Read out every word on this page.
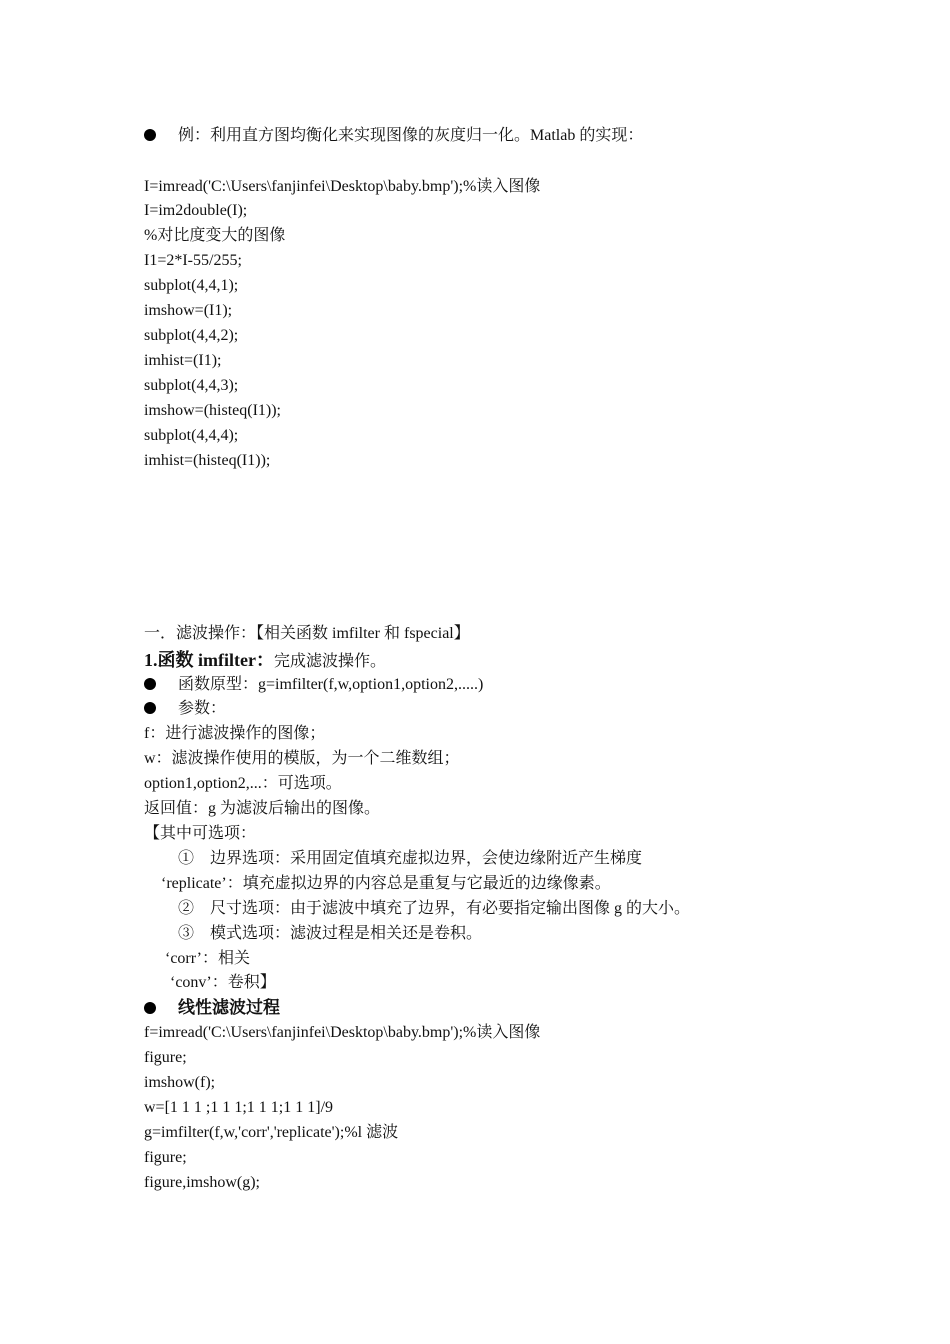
例：利用直方图均衡化来实现图像的灰度归一化。Matlab 的实现：
I=imread('C:\Users\fanjinfei\Desktop\baby.bmp');%读入图像
I=im2double(I);
%对比度变大的图像
I1=2*I-55/255;
subplot(4,4,1);
imshow=(I1);
subplot(4,4,2);
imhist=(I1);
subplot(4,4,3);
imshow=(histeq(I1));
subplot(4,4,4);
imhist=(histeq(I1));
一．滤波操作：【相关函数 imfilter 和 fspecial】
1.函数 imfilter：完成滤波操作。
函数原型：g=imfilter(f,w,option1,option2,.....)
参数：
f：进行滤波操作的图像；
w：滤波操作使用的模版，为一个二维数组；
option1,option2,...：可选项。
返回值：g 为滤波后输出的图像。
【其中可选项：
①　边界选项：采用固定值填充虚拟边界，会使边缘附近产生梯度
‘replicate’：填充虚拟边界的内容总是重复与它最近的边缘像素。
②　尺寸选项：由于滤波中填充了边界，有必要指定输出图像 g 的大小。
③　模式选项：滤波过程是相关还是卷积。
‘corr’：相关
‘conv’：卷积】
线性滤波过程
f=imread('C:\Users\fanjinfei\Desktop\baby.bmp');%读入图像
figure;
imshow(f);
w=[1 1 1 ;1 1 1;1 1 1;1 1 1]/9
g=imfilter(f,w,'corr','replicate');%l 滤波
figure;
figure,imshow(g);
